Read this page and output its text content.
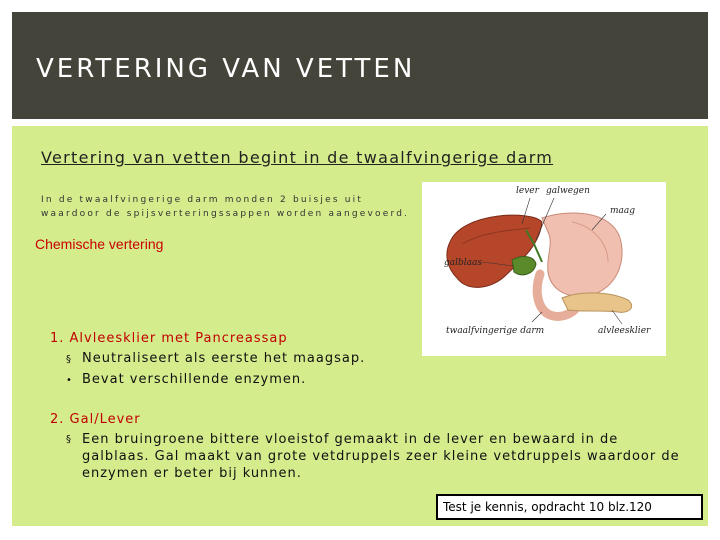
VERTERING VAN VETTEN
Vertering van vetten begint in de twaalfvingerige darm
In de twaalfvingerige darm monden 2 buisjes uit waardoor de spijsverteringssappen worden aangevoerd.
Chemische vertering
1. Alvleesklier met Pancreassap
§ Neutraliseert als eerste het maagsap.
• Bevat verschillende enzymen.
2. Gal/Lever
§ Een bruingroene bittere vloeistof gemaakt in de lever en bewaard in de galblaas. Gal maakt van grote vetdruppels zeer kleine vetdruppels waardoor de enzymen er beter bij kunnen.
lever galwegen
maag
galblaas
twaalfvingerige darm	alvleesklier
Test je kennis, opdracht 10 blz.120
